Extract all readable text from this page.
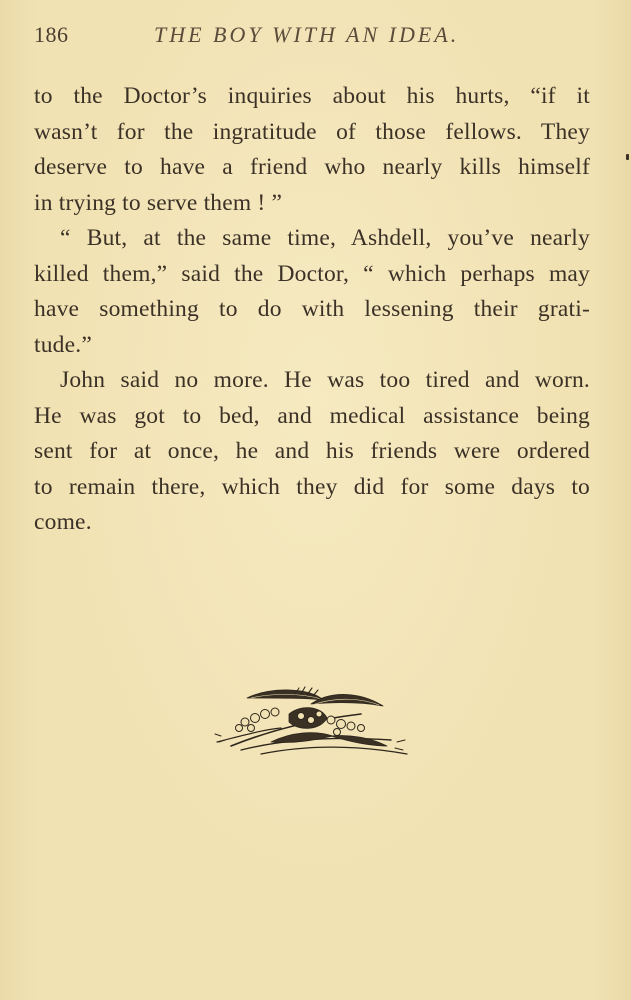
186	THE BOY WITH AN IDEA.
to the Doctor’s inquiries about his hurts, “if it
wasn’t for the ingratitude of those fellows. They
deserve to have a friend who nearly kills himself
in trying to serve them ! ”
“ But, at the same time, Ashdell, you’ve nearly
killed them,” said the Doctor, “ which perhaps may
have something to do with lessening their grati-
tude.”
John said no more. He was too tired and worn.
He was got to bed, and medical assistance being
sent for at once, he and his friends were ordered
to remain there, which they did for some days to
come.
